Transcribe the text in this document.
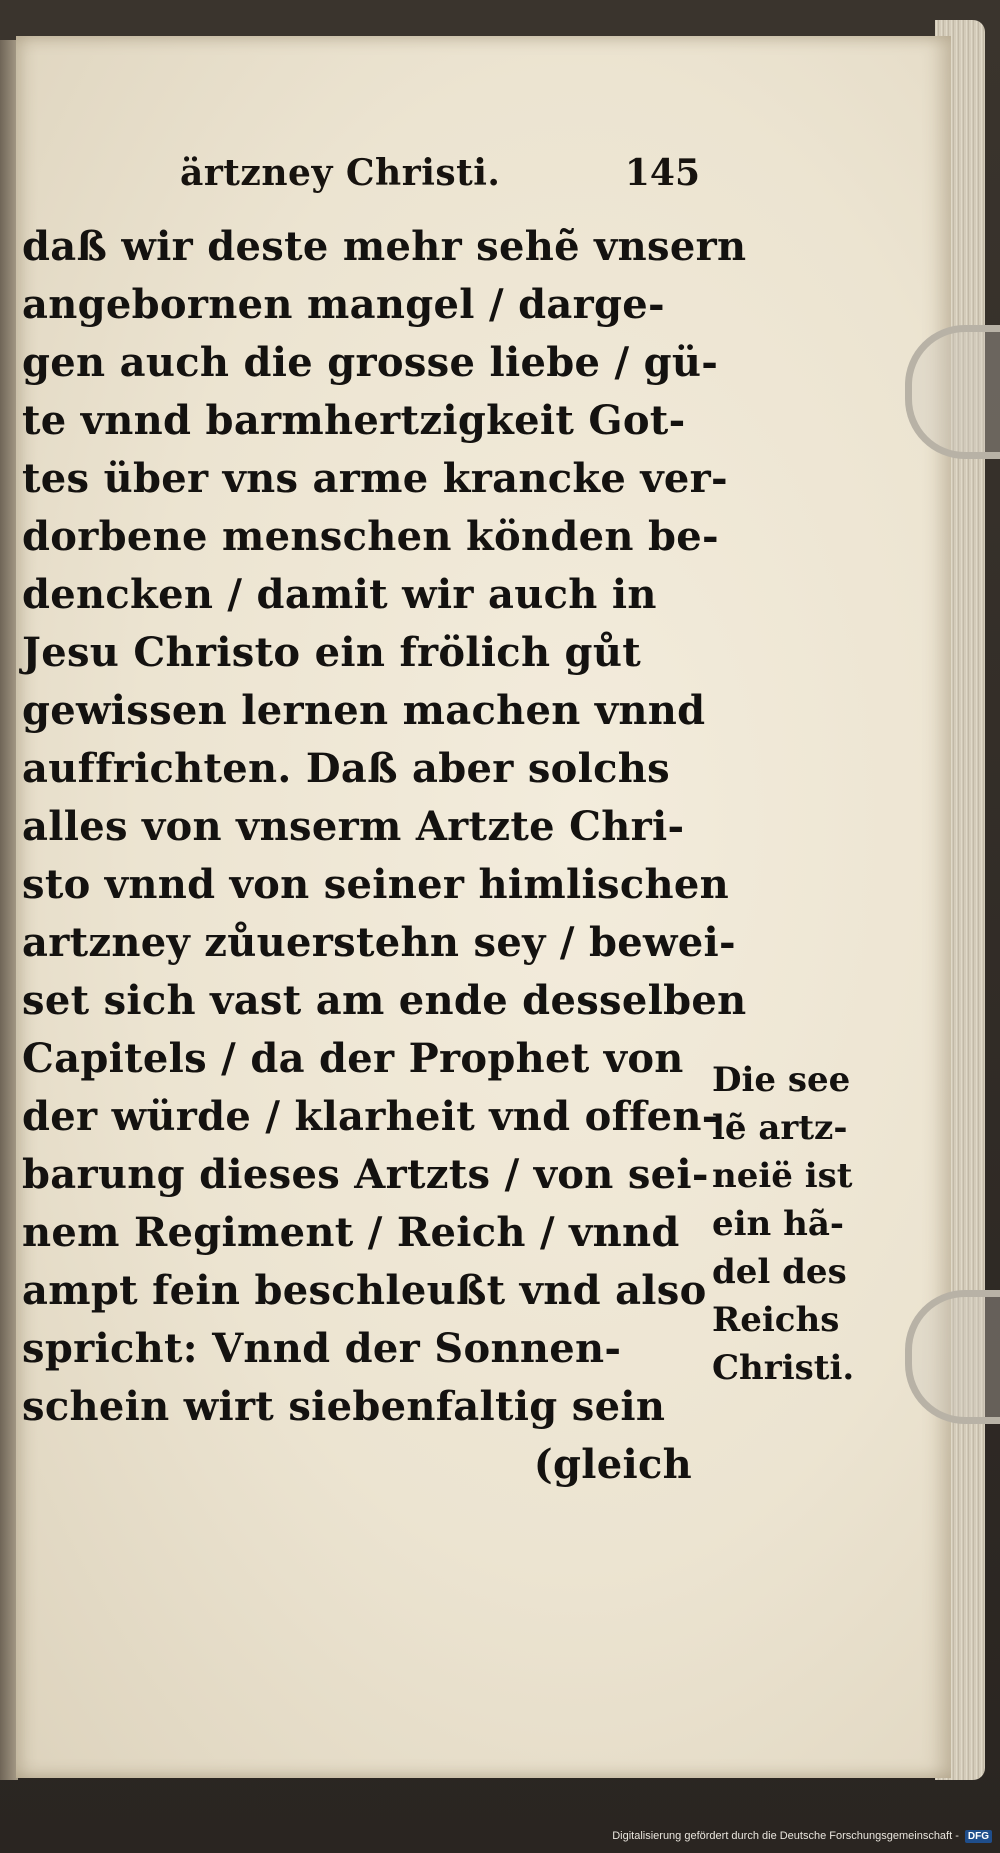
ärtzney Christi.	145
daß wir deste mehr sehẽ vnsern
angebornen mangel / darge-
gen auch die grosse liebe / gü-
te vnnd barmhertzigkeit Got-
tes über vns arme krancke ver-
dorbene menschen könden be-
dencken / damit wir auch in
Jesu Christo ein frölich gůt
gewissen lernen machen vnnd
auffrichten. Daß aber solchs
alles von vnserm Artzte Chri-
sto vnnd von seiner himlischen
artzney zůuerstehn sey / bewei-
set sich vast am ende desselben
Capitels / da der Prophet von
der würde / klarheit vnd offen-
barung dieses Artzts / von sei-
nem Regiment / Reich / vnnd
ampt fein beschleußt vnd also
spricht: Vnnd der Sonnen-
schein wirt siebenfaltig sein
(gleich
Die see
lẽ artz-
neië ist
ein hã-
del des
Reichs
Christi.
Digitalisierung gefördert durch die Deutsche Forschungsgemeinschaft - DFG
